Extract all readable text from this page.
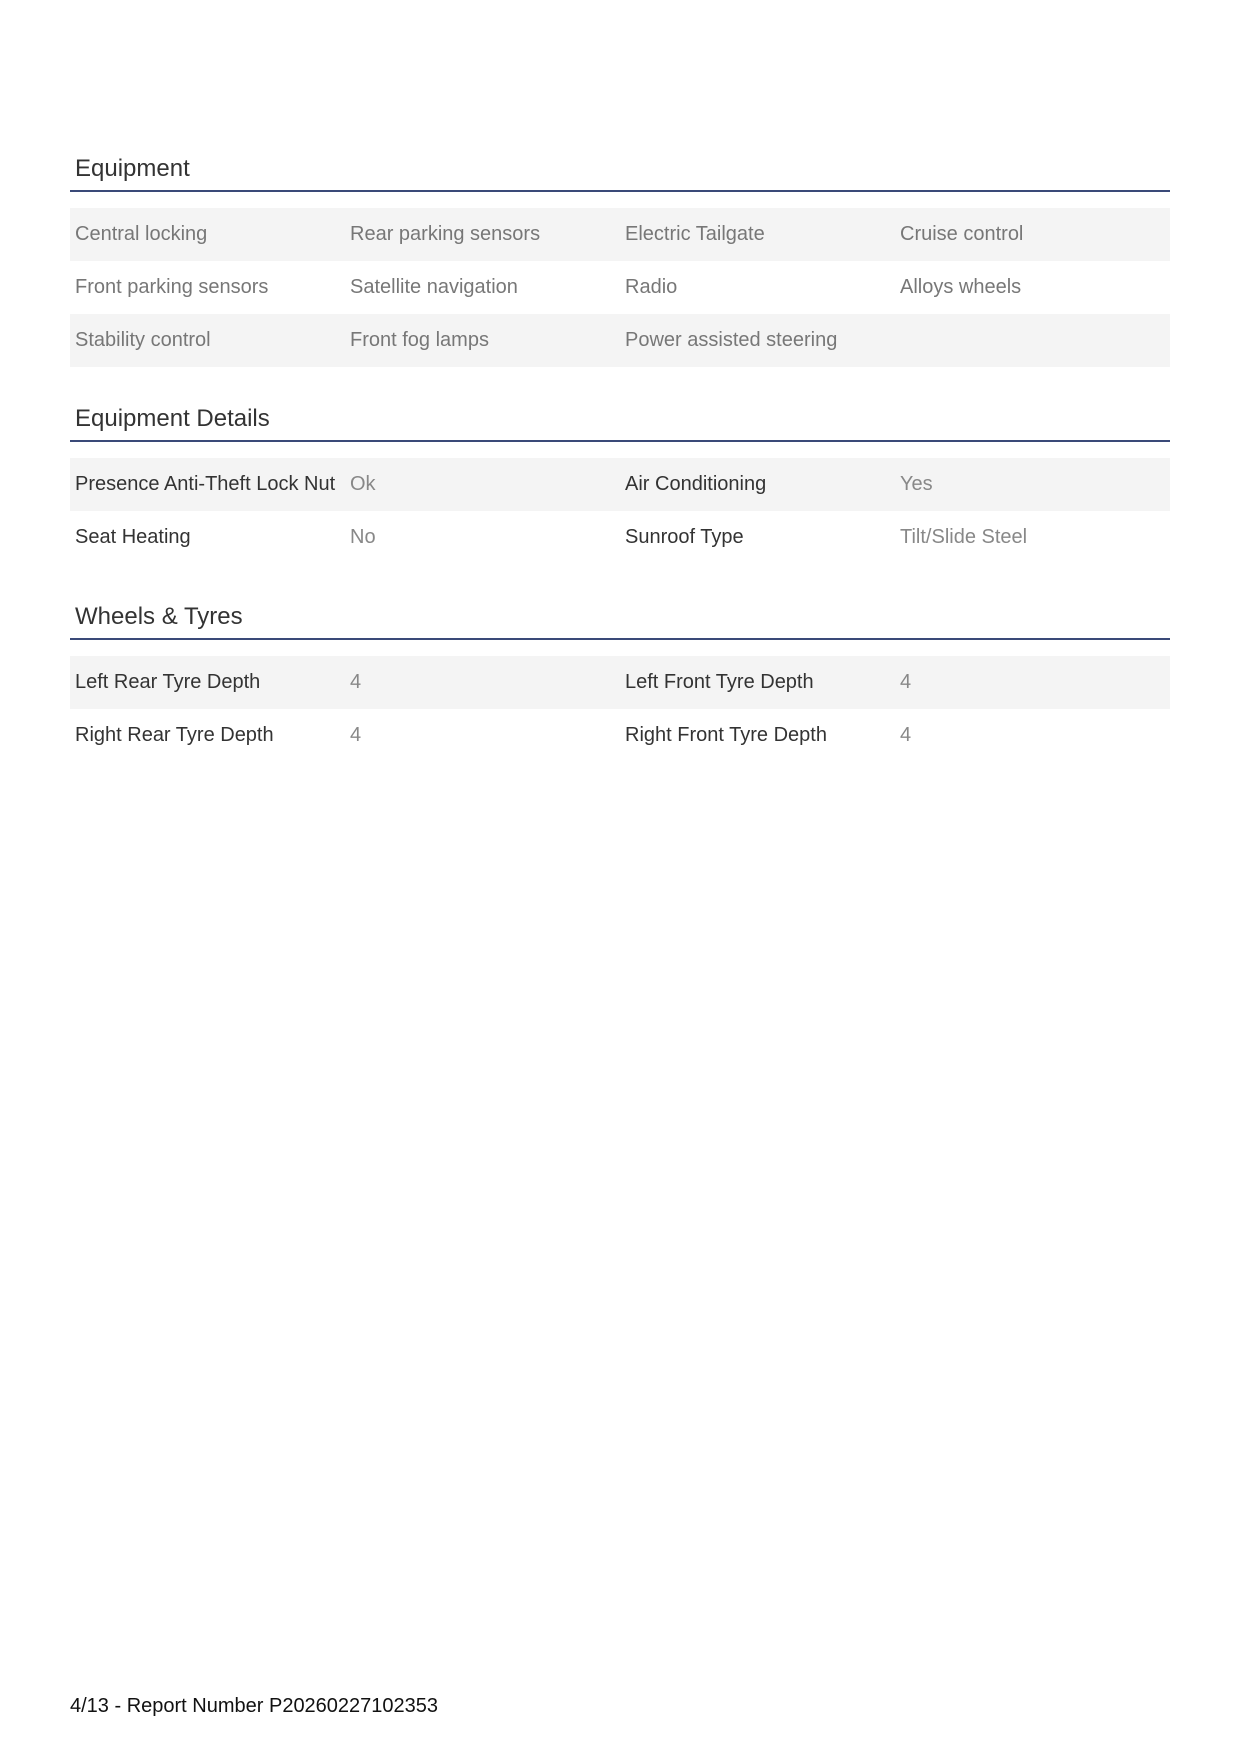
Equipment
Central locking	Rear parking sensors	Electric Tailgate	Cruise control
Front parking sensors	Satellite navigation	Radio	Alloys wheels
Stability control	Front fog lamps	Power assisted steering	
Equipment Details
Presence Anti-Theft Lock Nut	Ok	Air Conditioning	Yes
Seat Heating	No	Sunroof Type	Tilt/Slide Steel
Wheels & Tyres
Left Rear Tyre Depth	4	Left Front Tyre Depth	4
Right Rear Tyre Depth	4	Right Front Tyre Depth	4
4/13 - Report Number P20260227102353
